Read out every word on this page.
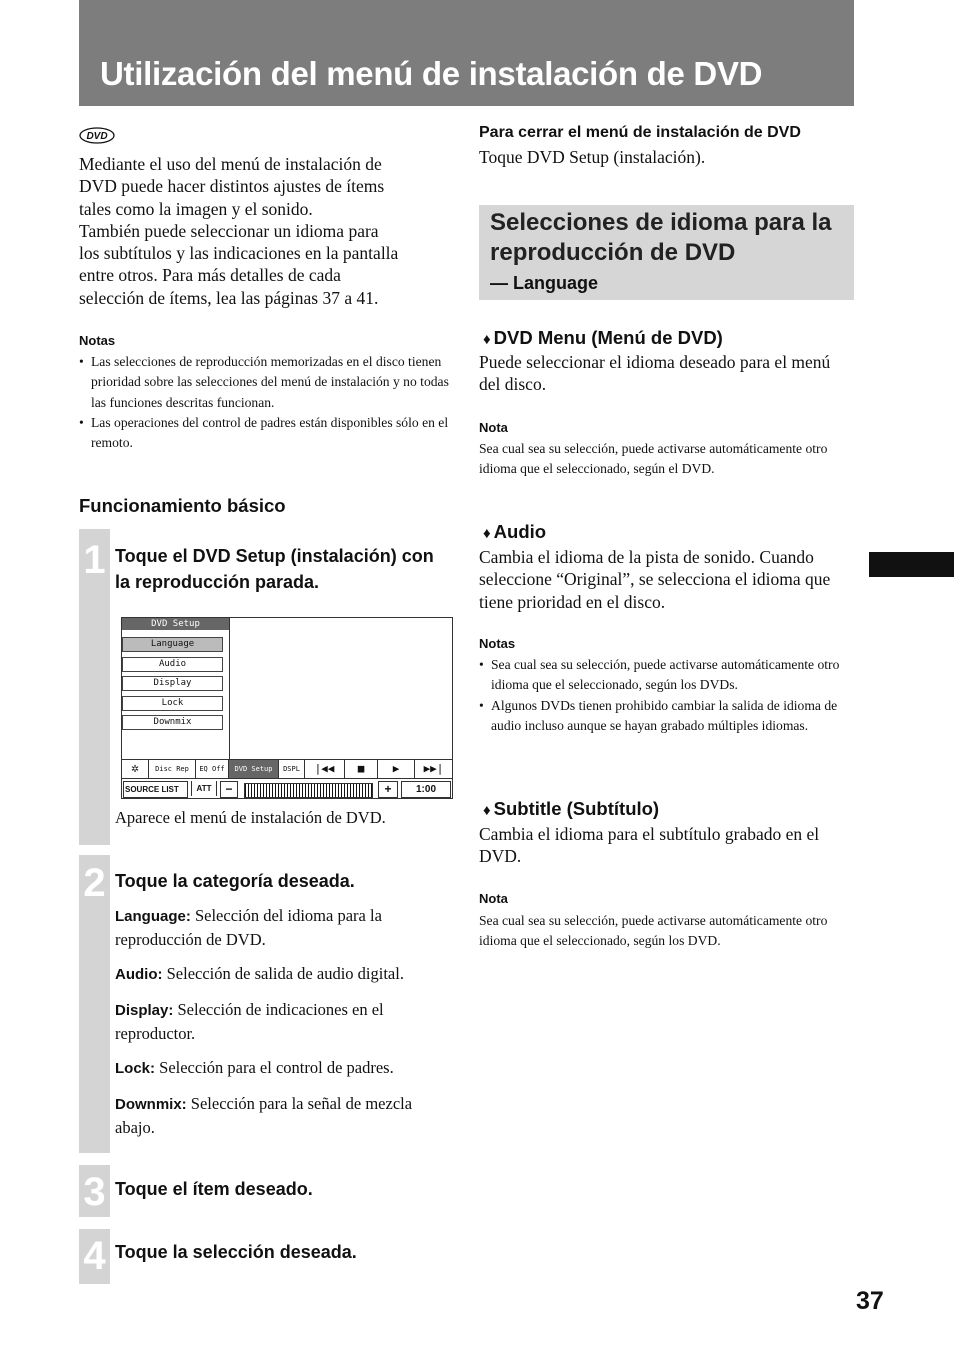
Utilización del menú de instalación de DVD
DVD
Mediante el uso del menú de instalación de
DVD puede hacer distintos ajustes de ítems
tales como la imagen y el sonido.
También puede seleccionar un idioma para
los subtítulos y las indicaciones en la pantalla
entre otros. Para más detalles de cada
selección de ítems, lea las páginas 37 a 41.
Notas
• Las selecciones de reproducción memorizadas en el disco tienen prioridad sobre las selecciones del menú de instalación y no todas las funciones descritas funcionan.
• Las operaciones del control de padres están disponibles sólo en el remoto.
Funcionamiento básico
1 Toque el DVD Setup (instalación) con la reproducción parada.
DVD Setup
Language
Audio
Display
Lock
Downmix
✲	Disc Rep	EQ Off	DVD Setup	DSPL	|◀◀	■	▶	▶▶|
SOURCE LIST	ATT	−	+	1:00
Aparece el menú de instalación de DVD.
2 Toque la categoría deseada.
Language: Selección del idioma para la reproducción de DVD.
Audio: Selección de salida de audio digital.
Display: Selección de indicaciones en el reproductor.
Lock: Selección para el control de padres.
Downmix: Selección para la señal de mezcla abajo.
3 Toque el ítem deseado.
4 Toque la selección deseada.
Para cerrar el menú de instalación de DVD
Toque DVD Setup (instalación).
Selecciones de idioma para la reproducción de DVD
— Language
♦ DVD Menu (Menú de DVD)
Puede seleccionar el idioma deseado para el menú del disco.
Nota
Sea cual sea su selección, puede activarse automáticamente otro idioma que el seleccionado, según el DVD.
♦ Audio
Cambia el idioma de la pista de sonido. Cuando seleccione “Original”, se selecciona el idioma que tiene prioridad en el disco.
Notas
• Sea cual sea su selección, puede activarse automáticamente otro idioma que el seleccionado, según los DVDs.
• Algunos DVDs tienen prohibido cambiar la salida de idioma de audio incluso aunque se hayan grabado múltiples idiomas.
♦ Subtitle (Subtítulo)
Cambia el idioma para el subtítulo grabado en el DVD.
Nota
Sea cual sea su selección, puede activarse automáticamente otro idioma que el seleccionado, según los DVD.
37
